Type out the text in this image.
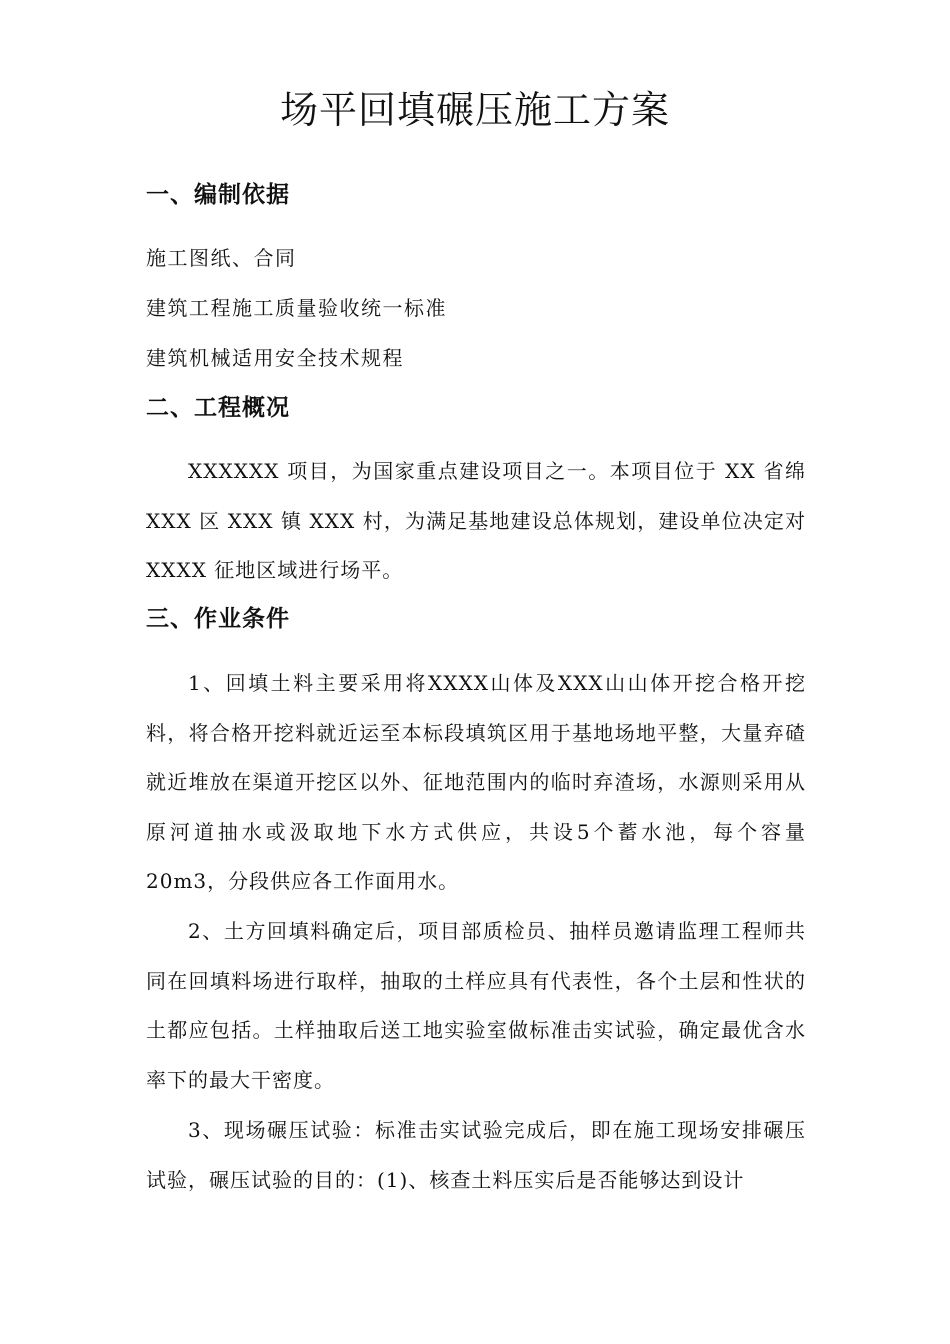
场平回填碾压施工方案
一、编制依据

施工图纸、合同

建筑工程施工质量验收统一标准

建筑机械适用安全技术规程

二、工程概况

XXXXXX 项目，为国家重点建设项目之一。本项目位于 XX 省绵 XXX 区 XXX 镇 XXX 村，为满足基地建设总体规划，建设单位决定对 XXXX 征地区域进行场平。

三、作业条件

1、回填土料主要采用将XXXX山体及XXX山山体开挖合格开挖料，将合格开挖料就近运至本标段填筑区用于基地场地平整，大量弃碴就近堆放在渠道开挖区以外、征地范围内的临时弃渣场，水源则采用从原河道抽水或汲取地下水方式供应，共设5个蓄水池，每个容量20m3，分段供应各工作面用水。

2、土方回填料确定后，项目部质检员、抽样员邀请监理工程师共同在回填料场进行取样，抽取的土样应具有代表性，各个土层和性状的土都应包括。土样抽取后送工地实验室做标准击实试验，确定最优含水率下的最大干密度。

3、现场碾压试验：标准击实试验完成后，即在施工现场安排碾压试验，碾压试验的目的：(1)、核查土料压实后是否能够达到设计
